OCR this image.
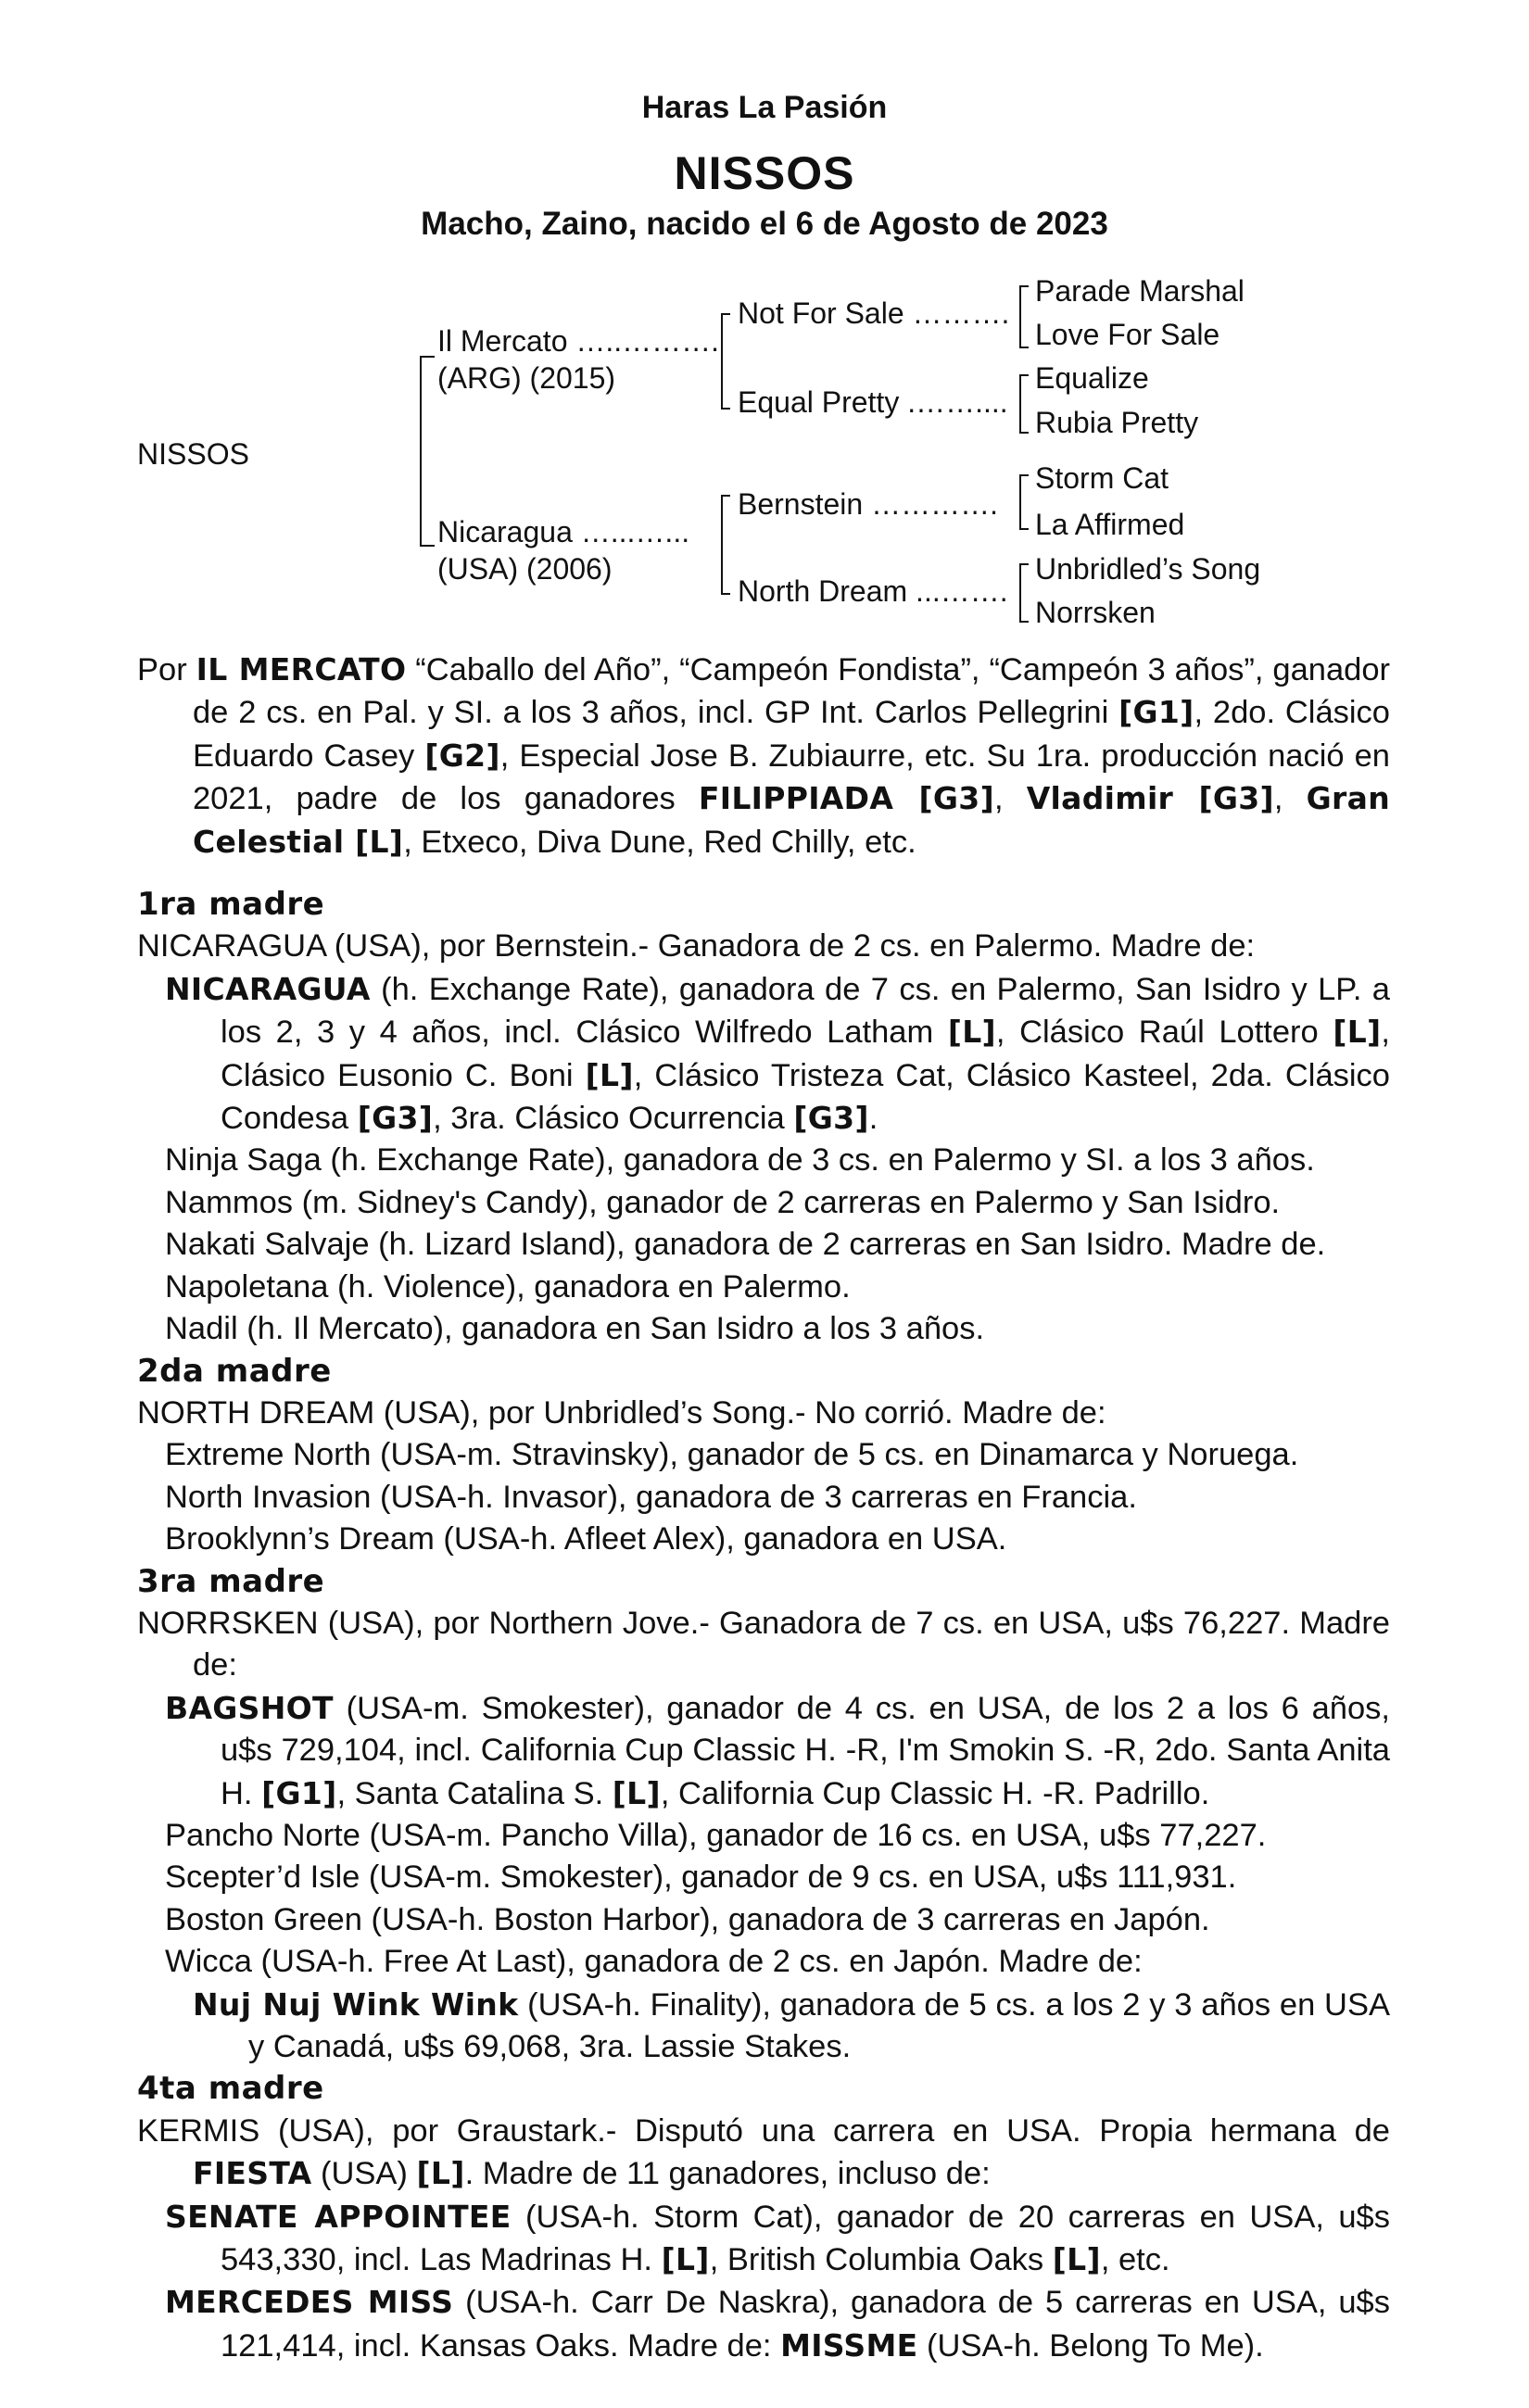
Haras La Pasión
NISSOS
Macho, Zaino, nacido el 6 de Agosto de 2023
NISSOS
Il Mercato …..……….
(ARG) (2015)
Nicaragua …...…...
(USA) (2006)
Not For Sale ……….
Equal Pretty .……....
Bernstein ………….
North Dream ...…….
Parade Marshal
Love For Sale
Equalize
Rubia Pretty
Storm Cat
La Affirmed
Unbridled’s Song
Norrsken

Por IL MERCATO “Caballo del Año”, “Campeón Fondista”, “Campeón 3 años”, ganador de 2 cs. en Pal. y SI. a los 3 años, incl. GP Int. Carlos Pellegrini [G1], 2do. Clásico Eduardo Casey [G2], Especial Jose B. Zubiaurre, etc. Su 1ra. producción nació en 2021, padre de los ganadores FILIPPIADA [G3], Vladimir [G3], Gran Celestial [L], Etxeco, Diva Dune, Red Chilly, etc.

1ra madre

NICARAGUA (USA), por Bernstein.- Ganadora de 2 cs. en Palermo. Madre de:

NICARAGUA (h. Exchange Rate), ganadora de 7 cs. en Palermo, San Isidro y LP. a los 2, 3 y 4 años, incl. Clásico Wilfredo Latham [L], Clásico Raúl Lottero [L], Clásico Eusonio C. Boni [L], Clásico Tristeza Cat, Clásico Kasteel, 2da. Clásico Condesa [G3], 3ra. Clásico Ocurrencia [G3].

Ninja Saga (h. Exchange Rate), ganadora de 3 cs. en Palermo y SI. a los 3 años.

Nammos (m. Sidney's Candy), ganador de 2 carreras en Palermo y San Isidro.

Nakati Salvaje (h. Lizard Island), ganadora de 2 carreras en San Isidro. Madre de.

Napoletana (h. Violence), ganadora en Palermo.

Nadil (h. Il Mercato), ganadora en San Isidro a los 3 años.

2da madre

NORTH DREAM (USA), por Unbridled’s Song.- No corrió. Madre de:

Extreme North (USA-m. Stravinsky), ganador de 5 cs. en Dinamarca y Noruega.

North Invasion (USA-h. Invasor), ganadora de 3 carreras en Francia.

Brooklynn’s Dream (USA-h. Afleet Alex), ganadora en USA.

3ra madre

NORRSKEN (USA), por Northern Jove.- Ganadora de 7 cs. en USA, u$s 76,227. Madre de:

BAGSHOT (USA-m. Smokester), ganador de 4 cs. en USA, de los 2 a los 6 años, u$s 729,104, incl. California Cup Classic H. -R, I'm Smokin S. -R, 2do. Santa Anita H. [G1], Santa Catalina S. [L], California Cup Classic H. -R. Padrillo.

Pancho Norte (USA-m. Pancho Villa), ganador de 16 cs. en USA, u$s 77,227.

Scepter’d Isle (USA-m. Smokester), ganador de 9 cs. en USA, u$s 111,931.

Boston Green (USA-h. Boston Harbor), ganadora de 3 carreras en Japón.

Wicca (USA-h. Free At Last), ganadora de 2 cs. en Japón. Madre de:

Nuj Nuj Wink Wink (USA-h. Finality), ganadora de 5 cs. a los 2 y 3 años en USA y Canadá, u$s 69,068, 3ra. Lassie Stakes.

4ta madre

KERMIS (USA), por Graustark.- Disputó una carrera en USA. Propia hermana de FIESTA (USA) [L]. Madre de 11 ganadores, incluso de:

SENATE APPOINTEE (USA-h. Storm Cat), ganador de 20 carreras en USA, u$s 543,330, incl. Las Madrinas H. [L], British Columbia Oaks [L], etc.

MERCEDES MISS (USA-h. Carr De Naskra), ganadora de 5 carreras en USA, u$s 121,414, incl. Kansas Oaks. Madre de: MISSME (USA-h. Belong To Me).
